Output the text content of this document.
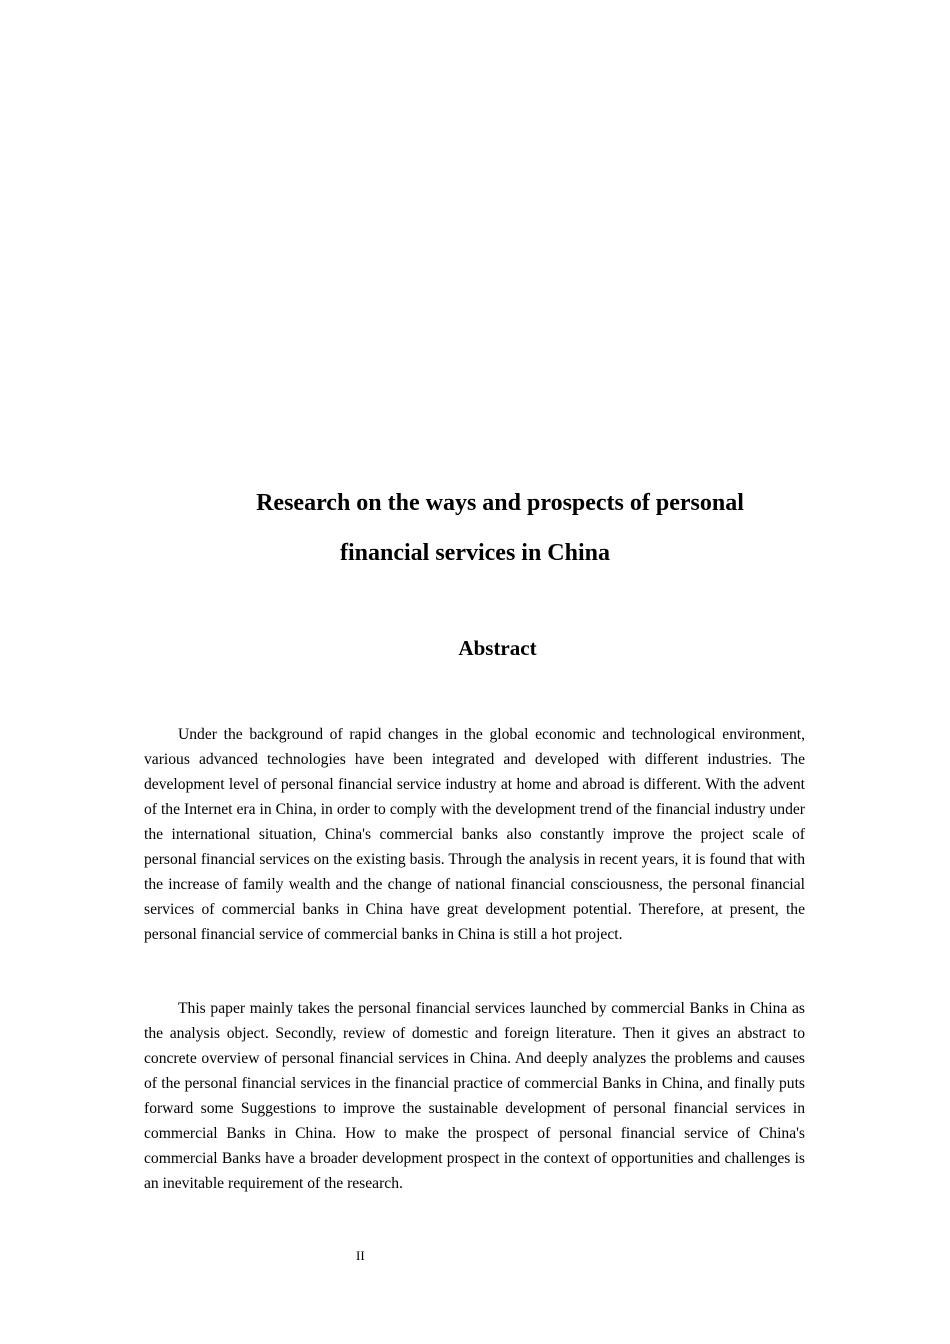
Research on the ways and prospects of personal
financial services in China
Abstract

Under the background of rapid changes in the global economic and technological environment, various advanced technologies have been integrated and developed with different industries. The development level of personal financial service industry at home and abroad is different. With the advent of the Internet era in China, in order to comply with the development trend of the financial industry under the international situation, China's commercial banks also constantly improve the project scale of personal financial services on the existing basis. Through the analysis in recent years, it is found that with the increase of family wealth and the change of national financial consciousness, the personal financial services of commercial banks in China have great development potential. Therefore, at present, the personal financial service of commercial banks in China is still a hot project.

This paper mainly takes the personal financial services launched by commercial Banks in China as the analysis object. Secondly, review of domestic and foreign literature. Then it gives an abstract to concrete overview of personal financial services in China. And deeply analyzes the problems and causes of the personal financial services in the financial practice of commercial Banks in China, and finally puts forward some Suggestions to improve the sustainable development of personal financial services in commercial Banks in China. How to make the prospect of personal financial service of China's commercial Banks have a broader development prospect in the context of opportunities and challenges is an inevitable requirement of the research.

II
